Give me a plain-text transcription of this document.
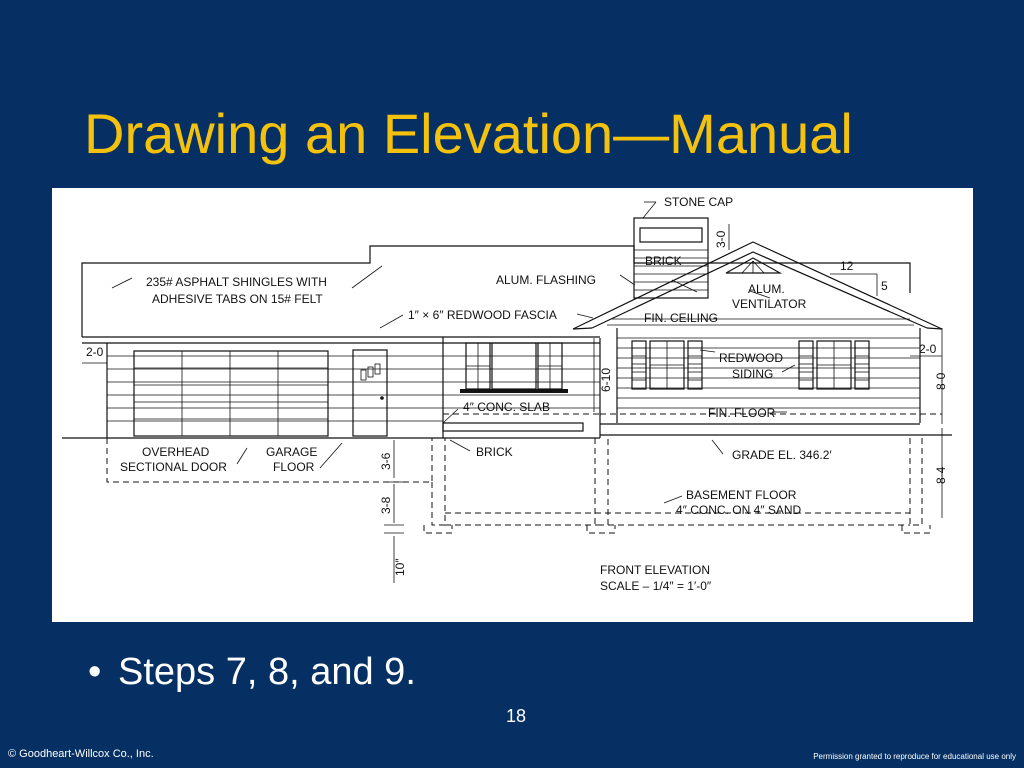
Drawing an Elevation—Manual
STONE CAP
BRICK
235# ASPHALT SHINGLES WITH
ADHESIVE TABS ON 15# FELT
ALUM. FLASHING
ALUM.
VENTILATOR
1″ × 6″ REDWOOD FASCIA	FIN. CEILING
REDWOOD
SIDING
4″ CONC. SLAB	FIN. FLOOR
OVERHEAD
SECTIONAL DOOR
GARAGE
FLOOR
BRICK	GRADE EL. 346.2′
BASEMENT FLOOR
4″ CONC. ON 4″ SAND
FRONT ELEVATION
SCALE – 1/4″ = 1′-0″
3-0
12
5
2-0	2-0
6-10	8-0
3-6
3-8
10″
8-4
• Steps 7, 8, and 9.
18
© Goodheart-Willcox Co., Inc.	Permission granted to reproduce for educational use only
